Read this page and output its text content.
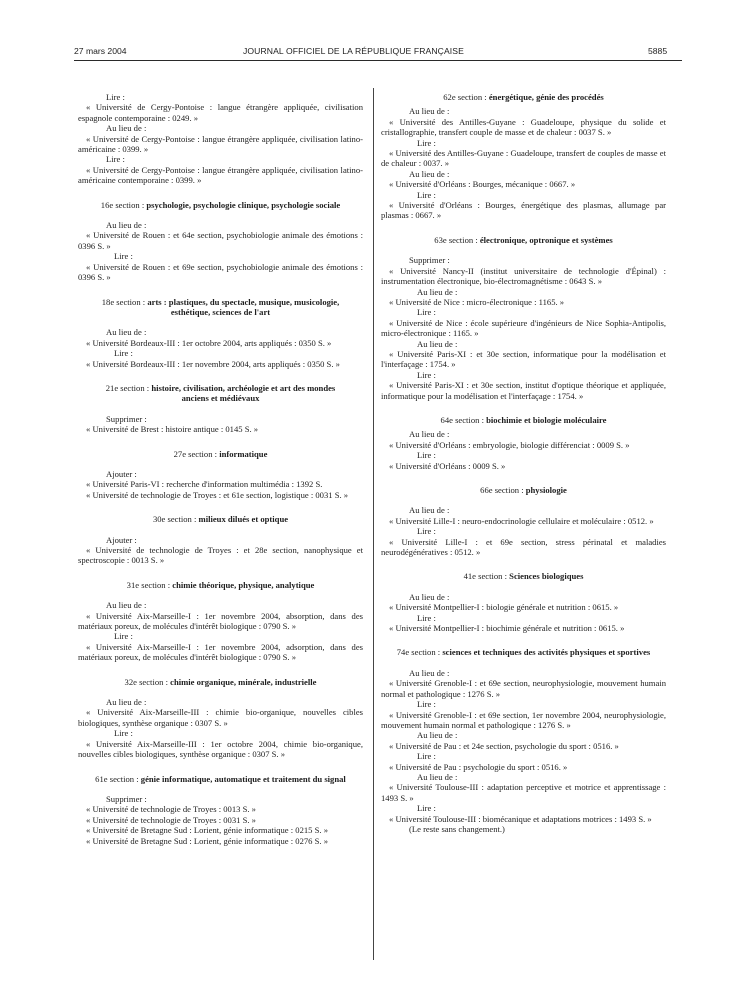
27 mars 2004	JOURNAL OFFICIEL DE LA RÉPUBLIQUE FRANÇAISE	5885

Lire :

« Université de Cergy-Pontoise : langue étrangère appliquée, civilisation espagnole contemporaine : 0249. »

Au lieu de :

« Université de Cergy-Pontoise : langue étrangère appliquée, civilisation latino-américaine : 0399. »

Lire :

« Université de Cergy-Pontoise : langue étrangère appliquée, civilisation latino-américaine contemporaine : 0399. »

16e section : psychologie, psychologie clinique, psychologie sociale

Au lieu de :

« Université de Rouen : et 64e section, psychobiologie animale des émotions : 0396 S. »

Lire :

« Université de Rouen : et 69e section, psychobiologie animale des émotions : 0396 S. »

18e section : arts : plastiques, du spectacle, musique, musicologie, esthétique, sciences de l'art

Au lieu de :

« Université Bordeaux-III : 1er octobre 2004, arts appliqués : 0350 S. »

Lire :

« Université Bordeaux-III : 1er novembre 2004, arts appliqués : 0350 S. »

21e section : histoire, civilisation, archéologie et art des mondes anciens et médiévaux

Supprimer :

« Université de Brest : histoire antique : 0145 S. »

27e section : informatique

Ajouter :

« Université Paris-VI : recherche d'information multimédia : 1392 S.

« Université de technologie de Troyes : et 61e section, logistique : 0031 S. »

30e section : milieux dilués et optique

Ajouter :

« Université de technologie de Troyes : et 28e section, nanophysique et spectroscopie : 0013 S. »

31e section : chimie théorique, physique, analytique

Au lieu de :

« Université Aix-Marseille-I : 1er novembre 2004, absorption, dans des matériaux poreux, de molécules d'intérêt biologique : 0790 S. »

Lire :

« Université Aix-Marseille-I : 1er novembre 2004, adsorption, dans des matériaux poreux, de molécules d'intérêt biologique : 0790 S. »

32e section : chimie organique, minérale, industrielle

Au lieu de :

« Université Aix-Marseille-III : chimie bio-organique, nouvelles cibles biologiques, synthèse organique : 0307 S. »

Lire :

« Université Aix-Marseille-III : 1er octobre 2004, chimie bio-organique, nouvelles cibles biologiques, synthèse organique : 0307 S. »

61e section : génie informatique, automatique et traitement du signal

Supprimer :

« Université de technologie de Troyes : 0013 S. »

« Université de technologie de Troyes : 0031 S. »

« Université de Bretagne Sud : Lorient, génie informatique : 0215 S. »

« Université de Bretagne Sud : Lorient, génie informatique : 0276 S. »

62e section : énergétique, génie des procédés

Au lieu de :

« Université des Antilles-Guyane : Guadeloupe, physique du solide et cristallographie, transfert couple de masse et de chaleur : 0037 S. »

Lire :

« Université des Antilles-Guyane : Guadeloupe, transfert de couples de masse et de chaleur : 0037. »

Au lieu de :

« Université d'Orléans : Bourges, mécanique : 0667. »

Lire :

« Université d'Orléans : Bourges, énergétique des plasmas, allumage par plasmas : 0667. »

63e section : électronique, optronique et systèmes

Supprimer :

« Université Nancy-II (institut universitaire de technologie d'Épinal) : instrumentation électronique, bio-électromagnétisme : 0643 S. »

Au lieu de :

« Université de Nice : micro-électronique : 1165. »

Lire :

« Université de Nice : école supérieure d'ingénieurs de Nice Sophia-Antipolis, micro-électronique : 1165. »

Au lieu de :

« Université Paris-XI : et 30e section, informatique pour la modélisation et l'interfaçage : 1754. »

Lire :

« Université Paris-XI : et 30e section, institut d'optique théorique et appliquée, informatique pour la modélisation et l'interfaçage : 1754. »

64e section : biochimie et biologie moléculaire

Au lieu de :

« Université d'Orléans : embryologie, biologie différenciat : 0009 S. »

Lire :

« Université d'Orléans : 0009 S. »

66e section : physiologie

Au lieu de :

« Université Lille-I : neuro-endocrinologie cellulaire et moléculaire : 0512. »

Lire :

« Université Lille-I : et 69e section, stress périnatal et maladies neurodégénératives : 0512. »

41e section : Sciences biologiques

Au lieu de :

« Université Montpellier-I : biologie générale et nutrition : 0615. »

Lire :

« Université Montpellier-I : biochimie générale et nutrition : 0615. »

74e section : sciences et techniques des activités physiques et sportives

Au lieu de :

« Université Grenoble-I : et 69e section, neurophysiologie, mouvement humain normal et pathologique : 1276 S. »

Lire :

« Université Grenoble-I : et 69e section, 1er novembre 2004, neurophysiologie, mouvement humain normal et pathologique : 1276 S. »

Au lieu de :

« Université de Pau : et 24e section, psychologie du sport : 0516. »

Lire :

« Université de Pau : psychologie du sport : 0516. »

Au lieu de :

« Université Toulouse-III : adaptation perceptive et motrice et apprentissage : 1493 S. »

Lire :

« Université Toulouse-III : biomécanique et adaptations motrices : 1493 S. »

(Le reste sans changement.)
